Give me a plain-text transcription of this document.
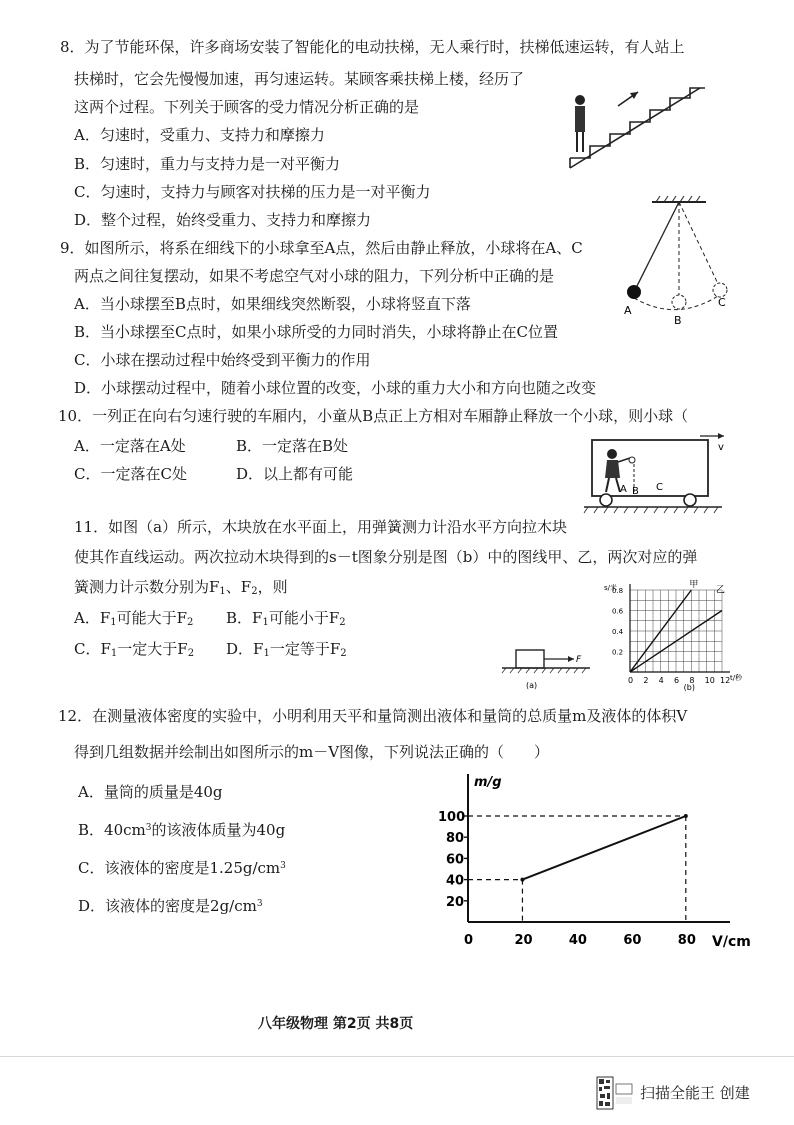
8．为了节能环保，许多商场安装了智能化的电动扶梯，无人乘行时，扶梯低速运转，有人站上
扶梯时，它会先慢慢加速，再匀速运转。某顾客乘扶梯上楼，经历了
这两个过程。下列关于顾客的受力情况分析正确的是
A．匀速时，受重力、支持力和摩擦力
B．匀速时，重力与支持力是一对平衡力
C．匀速时，支持力与顾客对扶梯的压力是一对平衡力
D．整个过程，始终受重力、支持力和摩擦力
9．如图所示，将系在细线下的小球拿至A点，然后由静止释放，小球将在A、C
两点之间往复摆动，如果不考虑空气对小球的阻力，下列分析中正确的是
A．当小球摆至B点时，如果细线突然断裂，小球将竖直下落
B．当小球摆至C点时，如果小球所受的力同时消失，小球将静止在C位置
C．小球在摆动过程中始终受到平衡力的作用
D．小球摆动过程中，随着小球位置的改变，小球的重力大小和方向也随之改变
A
B
C
10．一列正在向右匀速行驶的车厢内，小童从B点正上方相对车厢静止释放一个小球，则小球（
A．一定落在A处	B．一定落在B处
C．一定落在C处	D．以上都有可能
v
A B C
11．如图（a）所示，木块放在水平面上，用弹簧测力计沿水平方向拉木块
使其作直线运动。两次拉动木块得到的s－t图象分别是图（b）中的图线甲、乙，两次对应的弹
簧测力计示数分别为$F_1$、$F_2$，则
A．$F_1$可能大于$F_2$ B．$F_1$可能小于$F_2$
C．$F_1$一定大于$F_2$ D．$F_1$一定等于$F_2$
F
(a)
0 2 4 6 8 10 12
0.2
0.4
0.6
0.8
s/米
t/秒
甲
乙
(b)
12．在测量液体密度的实验中，小明利用天平和量筒测出液体和量筒的总质量m及液体的体积V
得到几组数据并绘制出如图所示的m－V图像，下列说法正确的（　　）
A．量筒的质量是40g
B．$40cm^3$的该液体质量为40g
C．该液体的密度是$1.25g/cm^3$
D．该液体的密度是$2g/cm^3$
0	20	40	60	80
20
40
60
80
100
m/g
V/cm
八年级物理 第2页 共8页
扫描全能王 创建
